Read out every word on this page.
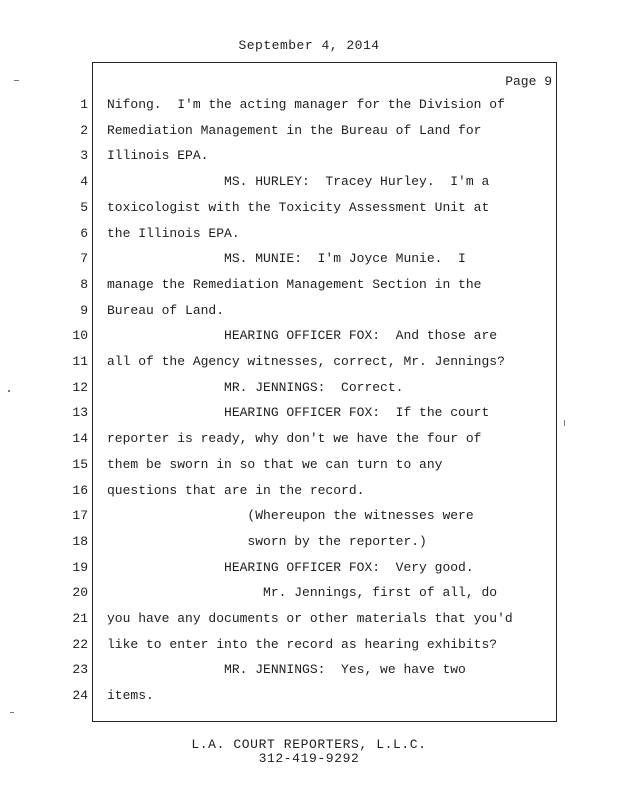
September 4, 2014
Page 9
1 Nifong.  I'm the acting manager for the Division of
2 Remediation Management in the Bureau of Land for
3 Illinois EPA.
4 MS. HURLEY:  Tracey Hurley.  I'm a
5 toxicologist with the Toxicity Assessment Unit at
6 the Illinois EPA.
7 MS. MUNIE:  I'm Joyce Munie.  I
8 manage the Remediation Management Section in the
9 Bureau of Land.
10 HEARING OFFICER FOX:  And those are
11 all of the Agency witnesses, correct, Mr. Jennings?
12 MR. JENNINGS:  Correct.
13 HEARING OFFICER FOX:  If the court
14 reporter is ready, why don't we have the four of
15 them be sworn in so that we can turn to any
16 questions that are in the record.
17 (Whereupon the witnesses were
18 sworn by the reporter.)
19 HEARING OFFICER FOX:  Very good.
20 Mr. Jennings, first of all, do
21 you have any documents or other materials that you'd
22 like to enter into the record as hearing exhibits?
23 MR. JENNINGS:  Yes, we have two
24 items.
L.A. COURT REPORTERS, L.L.C.
312-419-9292
